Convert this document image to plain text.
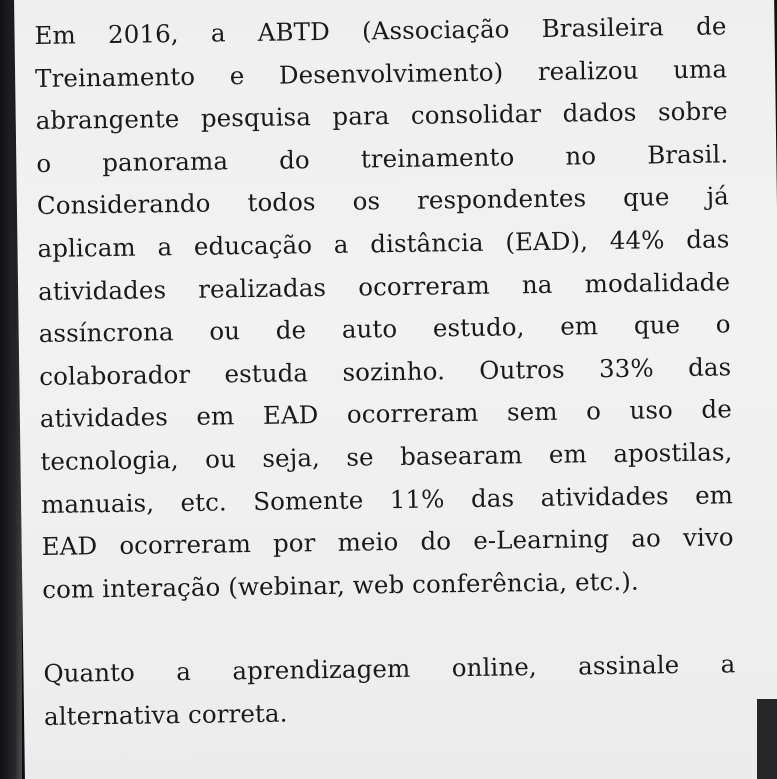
Em 2016, a ABTD (Associação Brasileira de
Treinamento e Desenvolvimento) realizou uma
abrangente pesquisa para consolidar dados sobre
o panorama do treinamento no Brasil.
Considerando todos os respondentes que já
aplicam a educação a distância (EAD), 44% das
atividades realizadas ocorreram na modalidade
assíncrona ou de auto estudo, em que o
colaborador estuda sozinho. Outros 33% das
atividades em EAD ocorreram sem o uso de
tecnologia, ou seja, se basearam em apostilas,
manuais, etc. Somente 11% das atividades em
EAD ocorreram por meio do e-Learning ao vivo
com interação (webinar, web conferência, etc.).
Quanto a aprendizagem online, assinale a
alternativa correta.
